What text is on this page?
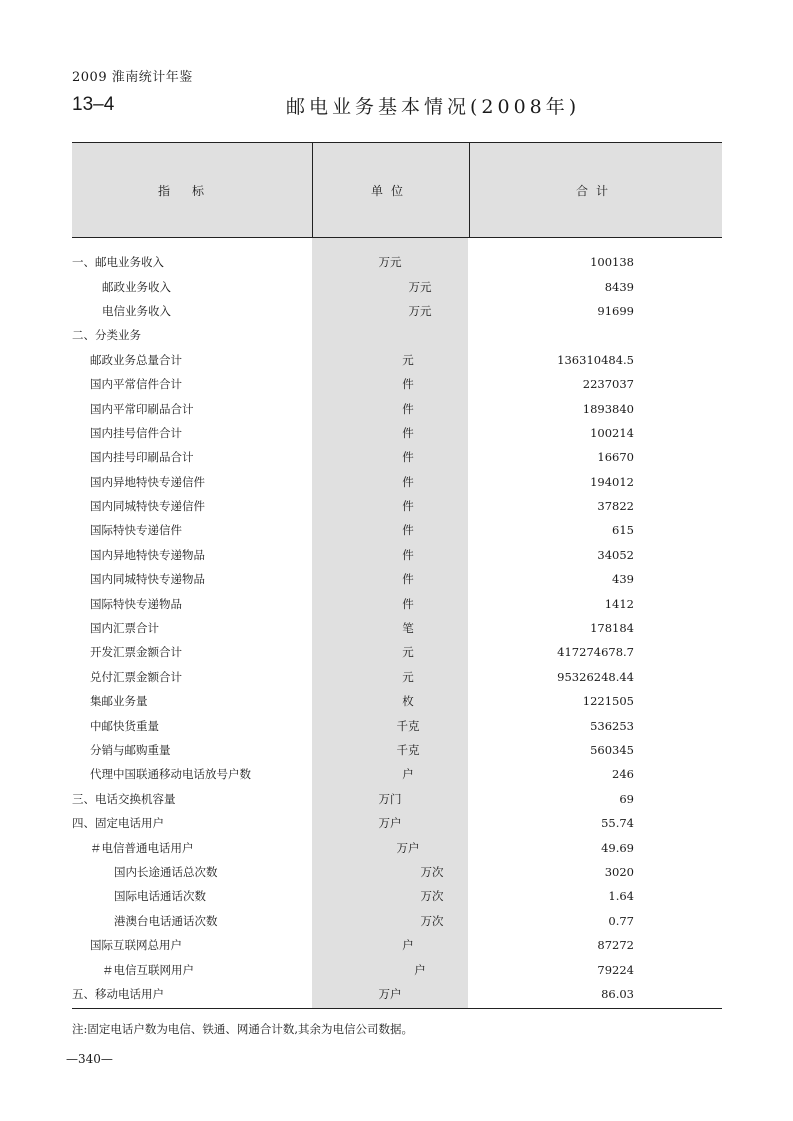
2009 淮南统计年鉴
13–4	邮电业务基本情况(2008年)
指标	单位	合计
一、邮电业务收入	万元	100138
邮政业务收入	万元	8439
电信业务收入	万元	91699
二、分类业务
邮政业务总量合计	元	136310484.5
国内平常信件合计	件	2237037
国内平常印刷品合计	件	1893840
国内挂号信件合计	件	100214
国内挂号印刷品合计	件	16670
国内异地特快专递信件	件	194012
国内同城特快专递信件	件	37822
国际特快专递信件	件	615
国内异地特快专递物品	件	34052
国内同城特快专递物品	件	439
国际特快专递物品	件	1412
国内汇票合计	笔	178184
开发汇票金额合计	元	417274678.7
兑付汇票金额合计	元	95326248.44
集邮业务量	枚	1221505
中邮快货重量	千克	536253
分销与邮购重量	千克	560345
代理中国联通移动电话放号户数	户	246
三、电话交换机容量	万门	69
四、固定电话用户	万户	55.74
＃电信普通电话用户	万户	49.69
国内长途通话总次数	万次	3020
国际电话通话次数	万次	1.64
港澳台电话通话次数	万次	0.77
国际互联网总用户	户	87272
＃电信互联网用户	户	79224
五、移动电话用户	万户	86.03
注:固定电话户数为电信、铁通、网通合计数,其余为电信公司数据。
—340—
